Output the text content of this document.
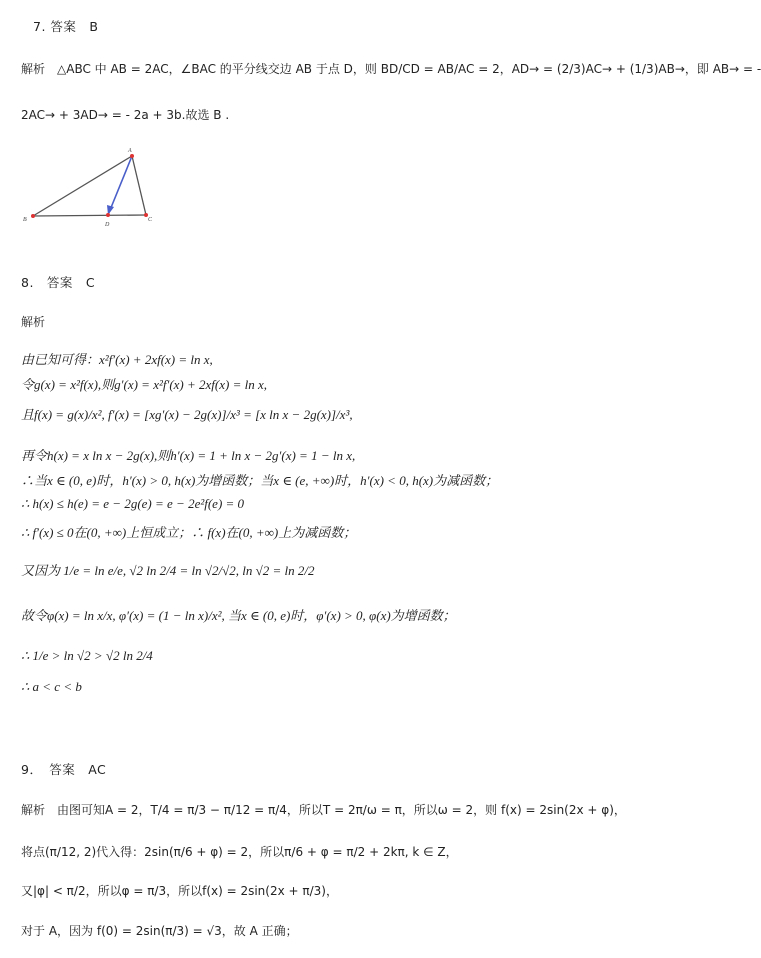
7. 答案　B
解析　△ABC 中 AB = 2AC，∠BAC 的平分线交边 AB 于点 D，则 BD/CD = AB/AC = 2，AD→ = (2/3)AC→ + (1/3)AB→，即 AB→ = -
2AC→ + 3AD→ = - 2a + 3b.故选 B .
A
B	C
D
8.　答案　C
解析
由已知可得：x²f′(x) + 2xf(x) = ln x,
令g(x) = x²f(x),则g′(x) = x²f′(x) + 2xf(x) = ln x,
且f(x) = g(x)/x², f′(x) = [xg′(x) − 2g(x)]/x³ = [x ln x − 2g(x)]/x³,
再令h(x) = x ln x − 2g(x),则h′(x) = 1 + ln x − 2g′(x) = 1 − ln x,
∴当x ∈ (0, e)时，h′(x) > 0, h(x)为增函数；当x ∈ (e, +∞)时，h′(x) < 0, h(x)为减函数；
∴ h(x) ≤ h(e) = e − 2g(e) = e − 2e²f(e) = 0
∴ f′(x) ≤ 0在(0, +∞)上恒成立；∴ f(x)在(0, +∞)上为减函数；
又因为 1/e = ln e/e, √2 ln 2/4 = ln √2/√2, ln √2 = ln 2/2
故令φ(x) = ln x/x, φ′(x) = (1 − ln x)/x², 当x ∈ (0, e)时，φ′(x) > 0, φ(x)为增函数；
∴ 1/e > ln √2 > √2 ln 2/4
∴ a < c < b
9．　答案　AC
解析　由图可知A = 2，T/4 = π/3 − π/12 = π/4，所以T = 2π/ω = π，所以ω = 2，则 f(x) = 2sin(2x + φ)，
将点(π/12, 2)代入得：2sin(π/6 + φ) = 2，所以π/6 + φ = π/2 + 2kπ, k ∈ Z，
又|φ| < π/2，所以φ = π/3，所以f(x) = 2sin(2x + π/3)，
对于 A，因为 f(0) = 2sin(π/3) = √3，故 A 正确；
